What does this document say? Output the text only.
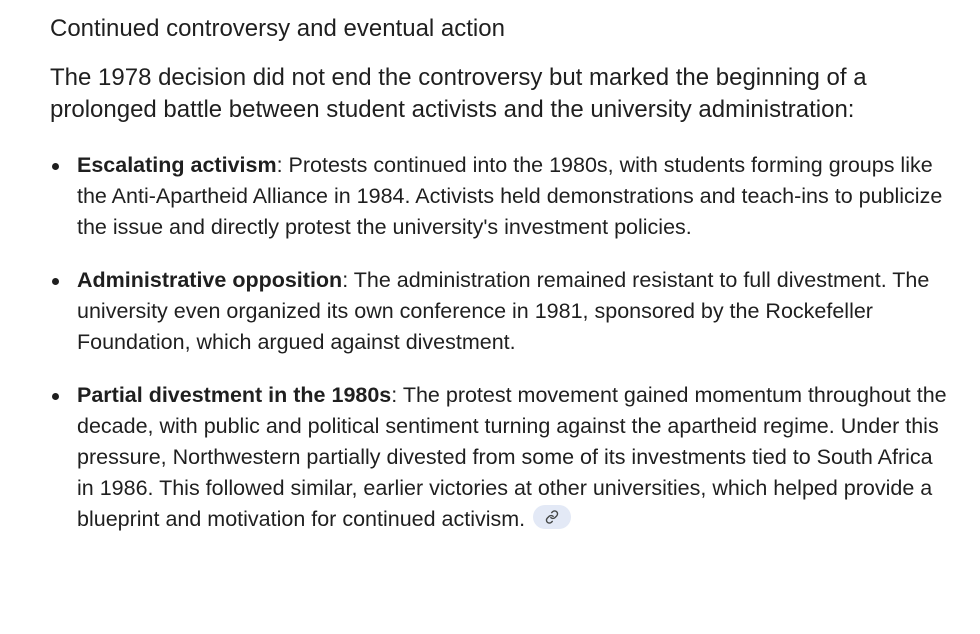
Continued controversy and eventual action

The 1978 decision did not end the controversy but marked the beginning of a prolonged battle between student activists and the university administration:

Escalating activism: Protests continued into the 1980s, with students forming groups like the Anti-Apartheid Alliance in 1984. Activists held demonstrations and teach-ins to publicize the issue and directly protest the university's investment policies.
Administrative opposition: The administration remained resistant to full divestment. The university even organized its own conference in 1981, sponsored by the Rockefeller Foundation, which argued against divestment.
Partial divestment in the 1980s: The protest movement gained momentum throughout the decade, with public and political sentiment turning against the apartheid regime. Under this pressure, Northwestern partially divested from some of its investments tied to South Africa in 1986. This followed similar, earlier victories at other universities, which helped provide a blueprint and motivation for continued activism.
